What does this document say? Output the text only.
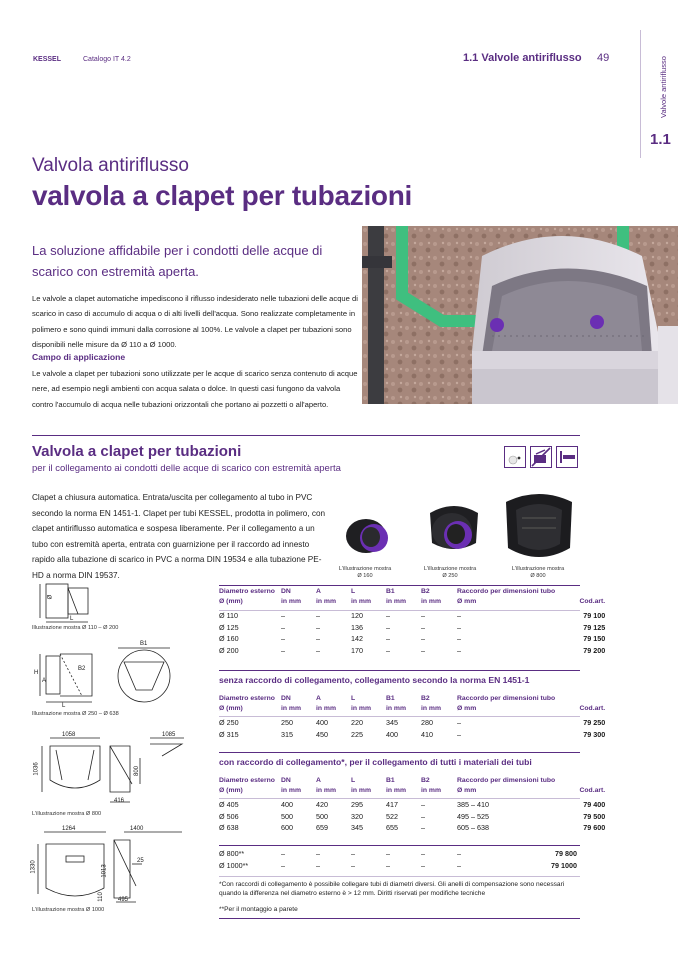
KESSEL	Catalogo IT 4.2	1.1 Valvole antiriflusso 49	Valvole antiriflusso
1.1
Valvola antiriflusso
valvola a clapet per tubazioni
La soluzione affidabile per i condotti delle acque di scarico con estremità aperta.
Le valvole a clapet automatiche impediscono il riflusso indesiderato nelle tubazioni delle acque di scarico in caso di accumulo di acqua o di alti livelli dell'acqua. Sono realizzate completamente in polimero e sono quindi immuni dalla corrosione al 100%. Le valvole a clapet per tubazioni sono disponibili nelle misure da Ø 110 a Ø 1000.
Campo di applicazione
Le valvole a clapet per tubazioni sono utilizzate per le acque di scarico senza contenuto di acque nere, ad esempio negli ambienti con acqua salata o dolce. In questi casi fungono da valvola contro l'accumulo di acqua nelle tubazioni orizzontali che portano ai pozzetti o all'aperto.
Valvola a clapet per tubazioni
per il collegamento ai condotti delle acque di scarico con estremità aperta
Clapet a chiusura automatica. Entrata/uscita per collegamento al tubo in PVC secondo la norma EN 1451-1. Clapet per tubi KESSEL, prodotta in polimero, con clapet antiriflusso automatica e sospesa liberamente. Per il collegamento a un tubo con estremità aperta, entrata con guarnizione per il raccordo ad innesto rapido alla tubazione di scarico in PVC a norma DIN 19534 e alla tubazione PE-HD a norma DIN 19537.
L'illustrazione mostra
Ø 160
L'illustrazione mostra
Ø 250
L'illustrazione mostra
Ø 800
Ø
L
Illustrazione mostra Ø 110 – Ø 200
H
A
B2
L
B1
Illustrazione mostra Ø 250 – Ø 638
1058	1085
1036	800
416
L'illustrazione mostra Ø 800
1264	1400
1330	1013
25
110 495
L'illustrazione mostra Ø 1000
Diametro esterno	DN	A	L	B1	B2	Raccordo per dimensioni tubo	
Ø (mm)	in mm	in mm	in mm	in mm	in mm	Ø mm	Cod.art.

Ø 110	–	–	120	–	–	–	79 100
Ø 125	–	–	136	–	–	–	79 125
Ø 160	–	–	142	–	–	–	79 150
Ø 200	–	–	170	–	–	–	79 200
senza raccordo di collegamento, collegamento secondo la norma EN 1451-1
Diametro esterno	DN	A	L	B1	B2	Raccordo per dimensioni tubo	
Ø (mm)	in mm	in mm	in mm	in mm	in mm	Ø mm	Cod.art.

Ø 250	250	400	220	345	280	–	79 250
Ø 315	315	450	225	400	410	–	79 300
con raccordo di collegamento*, per il collegamento di tutti i materiali dei tubi
Diametro esterno	DN	A	L	B1	B2	Raccordo per dimensioni tubo	
Ø (mm)	in mm	in mm	in mm	in mm	in mm	Ø mm	Cod.art.

Ø 405	400	420	295	417	–	385 – 410	79 400
Ø 506	500	500	320	522	–	495 – 525	79 500
Ø 638	600	659	345	655	–	605 – 638	79 600
Ø 800**	–	–	–	–	–	–	79 800
Ø 1000**	–	–	–	–	–	–	79 1000
*Con raccordi di collegamento è possibile collegare tubi di diametri diversi. Gli anelli di compensazione sono necessari quando la differenza nel diametro esterno è > 12 mm. Diritti riservati per modifiche tecniche
**Per il montaggio a parete
